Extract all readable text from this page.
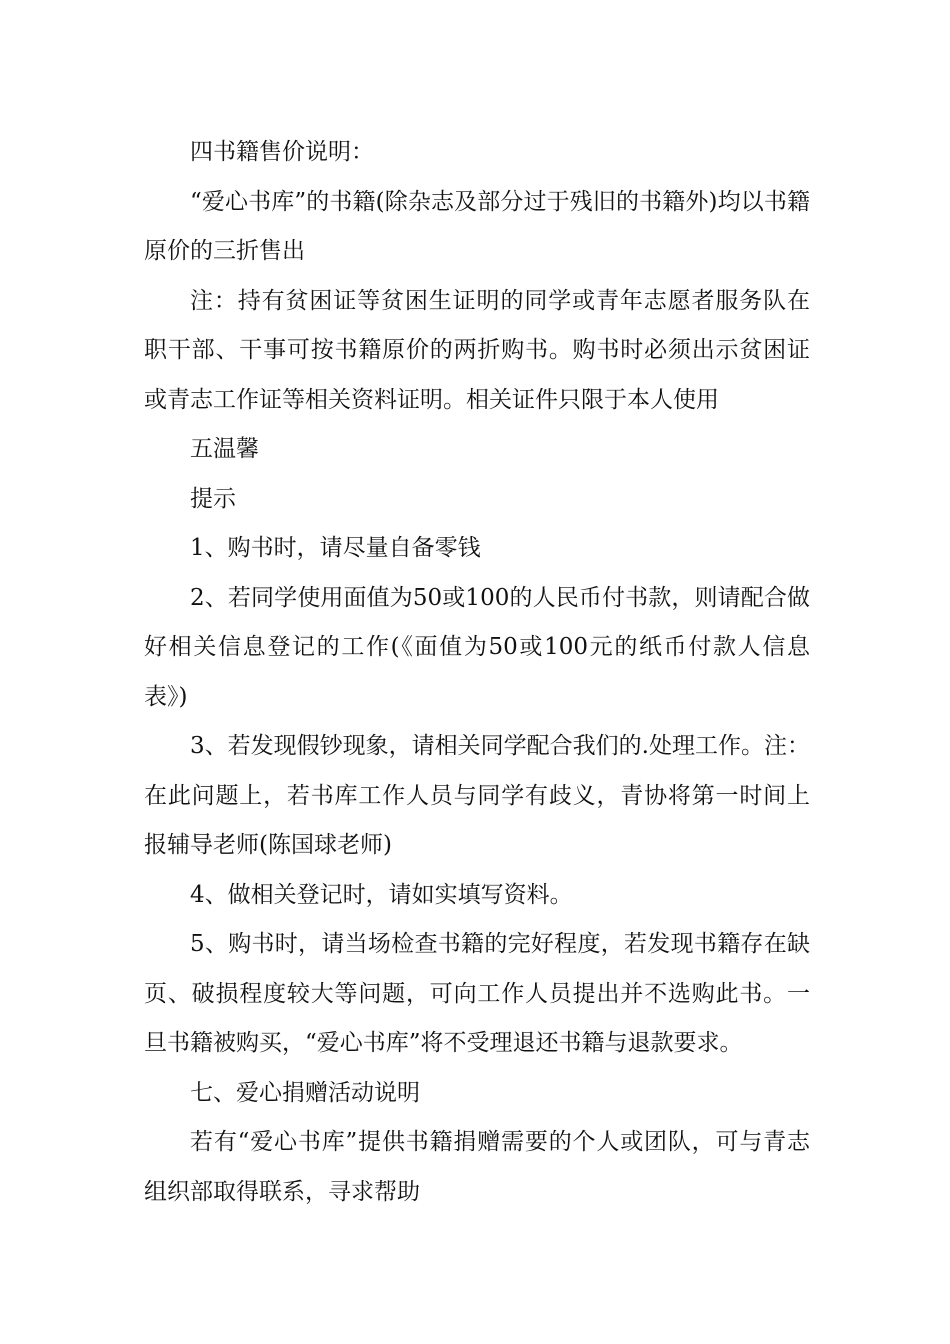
四书籍售价说明：

“爱心书库”的书籍(除杂志及部分过于残旧的书籍外)均以书籍原价的三折售出

注：持有贫困证等贫困生证明的同学或青年志愿者服务队在职干部、干事可按书籍原价的两折购书。购书时必须出示贫困证或青志工作证等相关资料证明。相关证件只限于本人使用

五温馨

提示

1、购书时，请尽量自备零钱

2、若同学使用面值为50或100的人民币付书款，则请配合做好相关信息登记的工作(《面值为50或100元的纸币付款人信息表》)

3、若发现假钞现象，请相关同学配合我们的.处理工作。注：在此问题上，若书库工作人员与同学有歧义，青协将第一时间上报辅导老师(陈国球老师)

4、做相关登记时，请如实填写资料。

5、购书时，请当场检查书籍的完好程度，若发现书籍存在缺页、破损程度较大等问题，可向工作人员提出并不选购此书。一旦书籍被购买，“爱心书库”将不受理退还书籍与退款要求。

七、爱心捐赠活动说明

若有“爱心书库”提供书籍捐赠需要的个人或团队，可与青志组织部取得联系，寻求帮助
